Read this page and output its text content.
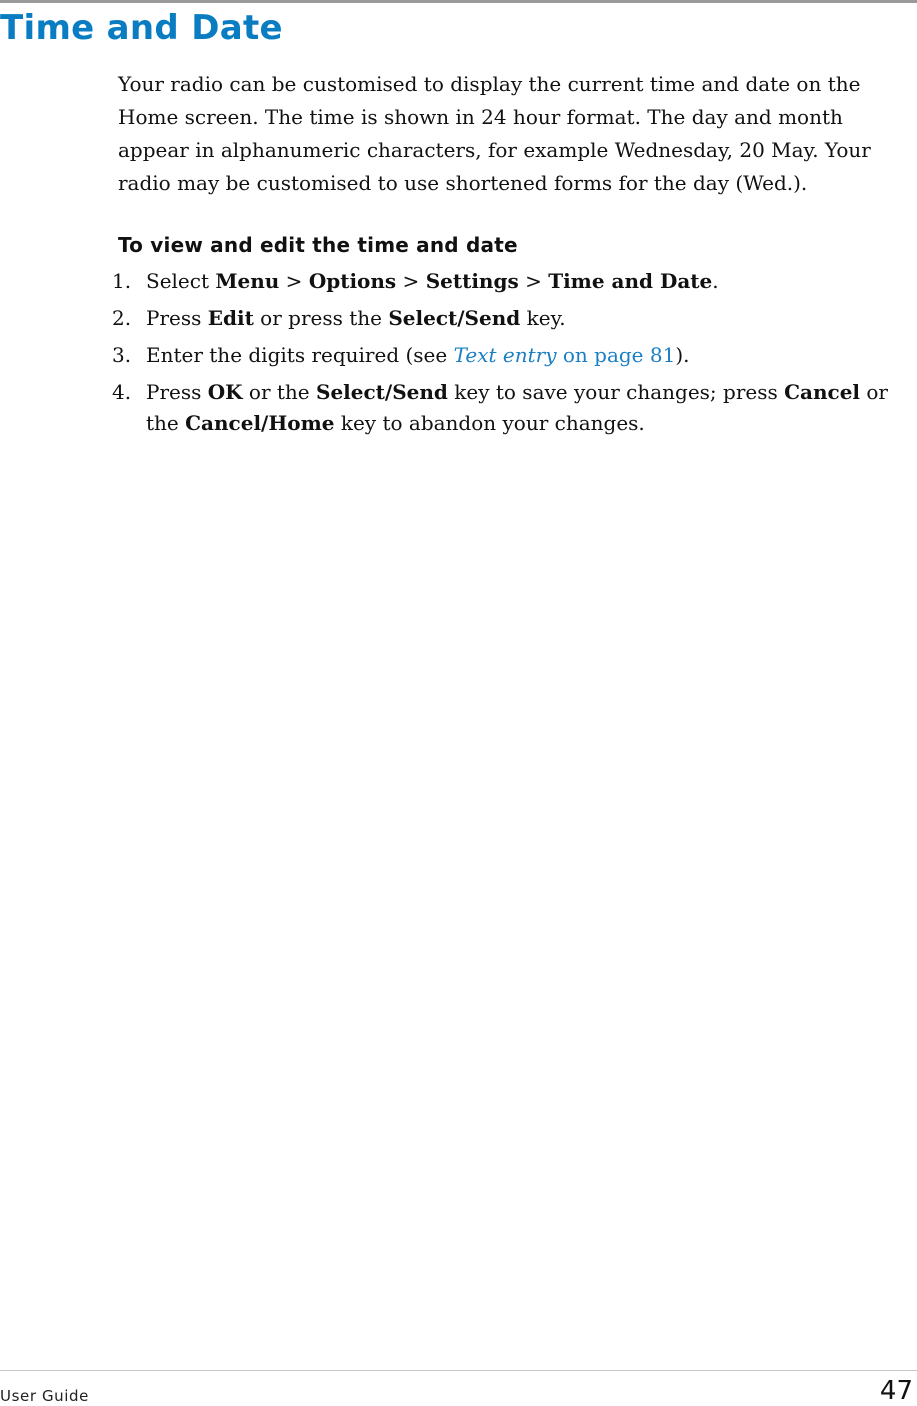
Time and Date

Your radio can be customised to display the current time and date on the Home screen. The time is shown in 24 hour format. The day and month appear in alphanumeric characters, for example Wednesday, 20 May. Your radio may be customised to use shortened forms for the day (Wed.).

To view and edit the time and date
1. Select Menu > Options > Settings > Time and Date.
2. Press Edit or press the Select/Send key.
3. Enter the digits required (see Text entry on page 81).
4. Press OK or the Select/Send key to save your changes; press Cancel or the Cancel/Home key to abandon your changes.
User Guide	47
